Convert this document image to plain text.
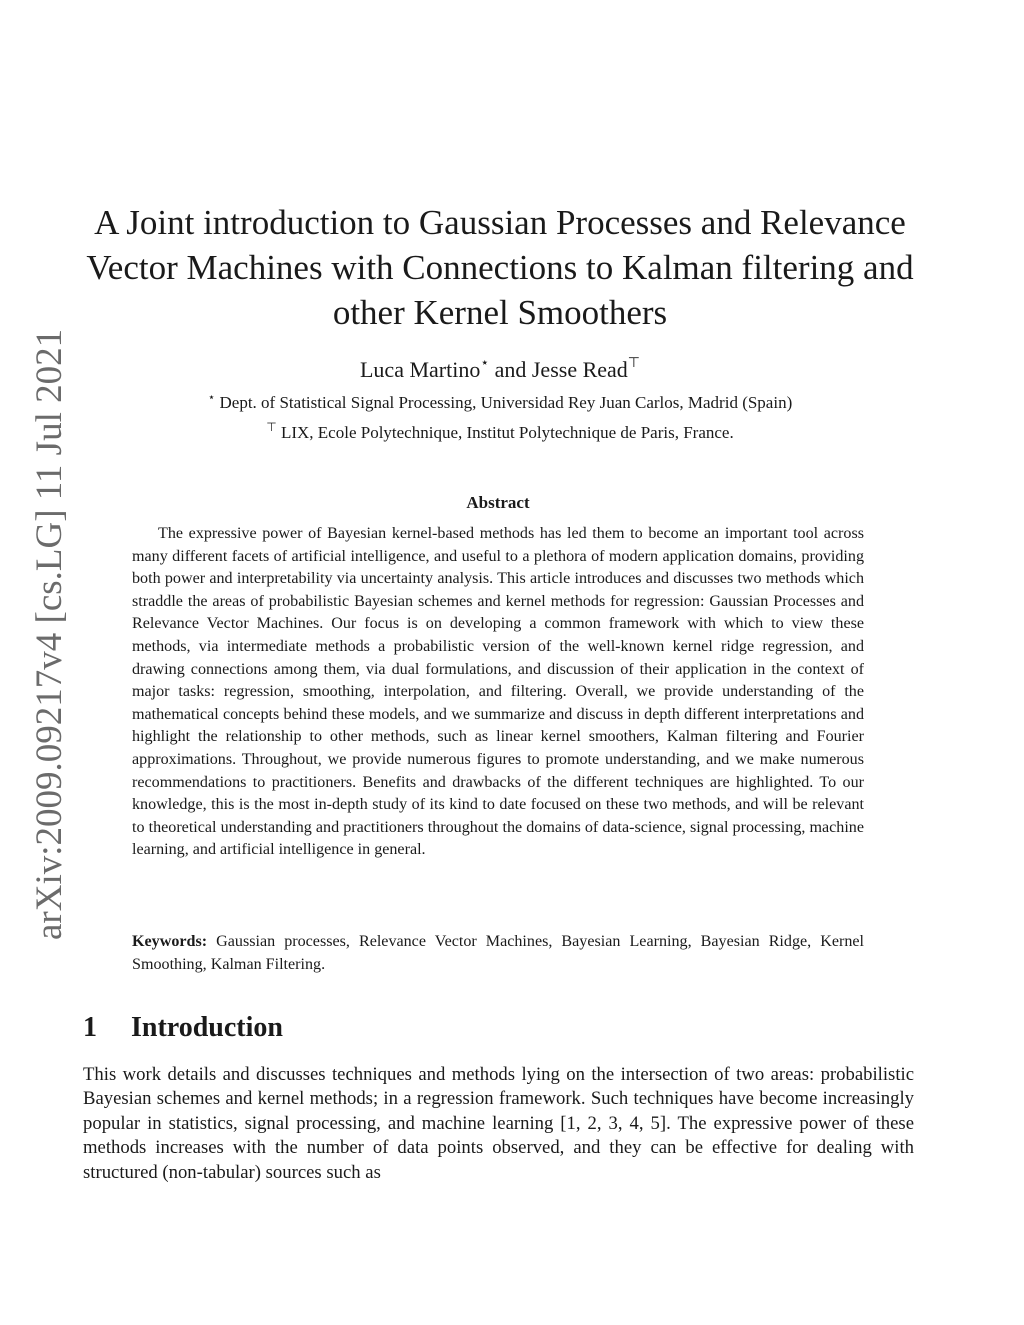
arXiv:2009.09217v4 [cs.LG] 11 Jul 2021
A Joint introduction to Gaussian Processes and Relevance Vector Machines with Connections to Kalman filtering and other Kernel Smoothers
Luca Martino⋆ and Jesse Read⊤
⋆ Dept. of Statistical Signal Processing, Universidad Rey Juan Carlos, Madrid (Spain)
⊤ LIX, Ecole Polytechnique, Institut Polytechnique de Paris, France.
Abstract

The expressive power of Bayesian kernel-based methods has led them to become an important tool across many different facets of artificial intelligence, and useful to a plethora of modern application domains, providing both power and interpretability via uncertainty analysis. This article introduces and discusses two methods which straddle the areas of probabilistic Bayesian schemes and kernel methods for regression: Gaussian Processes and Relevance Vector Machines. Our focus is on developing a common framework with which to view these methods, via intermediate methods a probabilistic version of the well-known kernel ridge regression, and drawing connections among them, via dual formulations, and discussion of their application in the context of major tasks: regression, smoothing, interpolation, and filtering. Overall, we provide understanding of the mathematical concepts behind these models, and we summarize and discuss in depth different interpretations and highlight the relationship to other methods, such as linear kernel smoothers, Kalman filtering and Fourier approximations. Throughout, we provide numerous figures to promote understanding, and we make numerous recommendations to practitioners. Benefits and drawbacks of the different techniques are highlighted. To our knowledge, this is the most in-depth study of its kind to date focused on these two methods, and will be relevant to theoretical understanding and practitioners throughout the domains of data-science, signal processing, machine learning, and artificial intelligence in general.

Keywords: Gaussian processes, Relevance Vector Machines, Bayesian Learning, Bayesian Ridge, Kernel Smoothing, Kalman Filtering.

1 Introduction

This work details and discusses techniques and methods lying on the intersection of two areas: probabilistic Bayesian schemes and kernel methods; in a regression framework. Such techniques have become increasingly popular in statistics, signal processing, and machine learning [1, 2, 3, 4, 5]. The expressive power of these methods increases with the number of data points observed, and they can be effective for dealing with structured (non-tabular) sources such as
